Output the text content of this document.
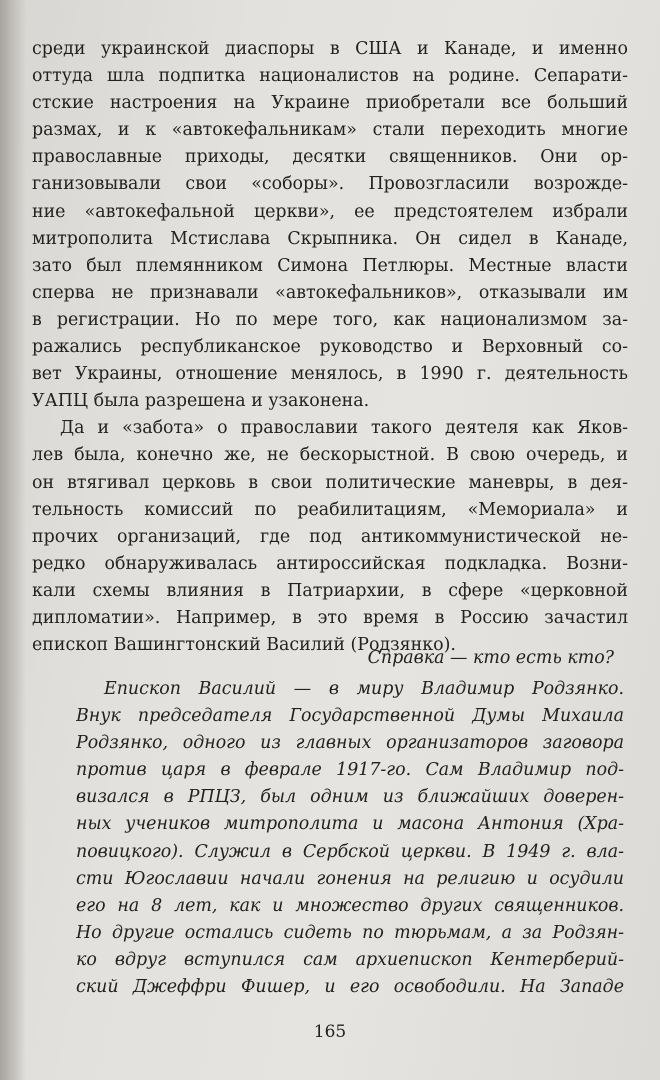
среди украинской диаспоры в США и Канаде, и именно
оттуда шла подпитка националистов на родине. Сепарати-
стские настроения на Украине приобретали все больший
размах, и к «автокефальникам» стали переходить многие
православные приходы, десятки священников. Они ор-
ганизовывали свои «соборы». Провозгласили возрожде-
ние «автокефальной церкви», ее предстоятелем избрали
митрополита Мстислава Скрыпника. Он сидел в Канаде,
зато был племянником Симона Петлюры. Местные власти
сперва не признавали «автокефальников», отказывали им
в регистрации. Но по мере того, как национализмом за-
ражались республиканское руководство и Верховный со-
вет Украины, отношение менялось, в 1990 г. деятельность
УАПЦ была разрешена и узаконена.
Да и «забота» о православии такого деятеля как Яков-
лев была, конечно же, не бескорыстной. В свою очередь, и
он втягивал церковь в свои политические маневры, в дея-
тельность комиссий по реабилитациям, «Мемориала» и
прочих организаций, где под антикоммунистической не-
редко обнаруживалась антироссийская подкладка. Возни-
кали схемы влияния в Патриархии, в сфере «церковной
дипломатии». Например, в это время в Россию зачастил
епископ Вашингтонский Василий (Родзянко).
Справка — кто есть кто?
Епископ Василий — в миру Владимир Родзянко.
Внук председателя Государственной Думы Михаила
Родзянко, одного из главных организаторов заговора
против царя в феврале 1917-го. Сам Владимир под-
визался в РПЦЗ, был одним из ближайших доверен-
ных учеников митрополита и масона Антония (Хра-
повицкого). Служил в Сербской церкви. В 1949 г. вла-
сти Югославии начали гонения на религию и осудили
его на 8 лет, как и множество других священников.
Но другие остались сидеть по тюрьмам, а за Родзян-
ко вдруг вступился сам архиепископ Кентерберий-
ский Джеффри Фишер, и его освободили. На Западе
165
